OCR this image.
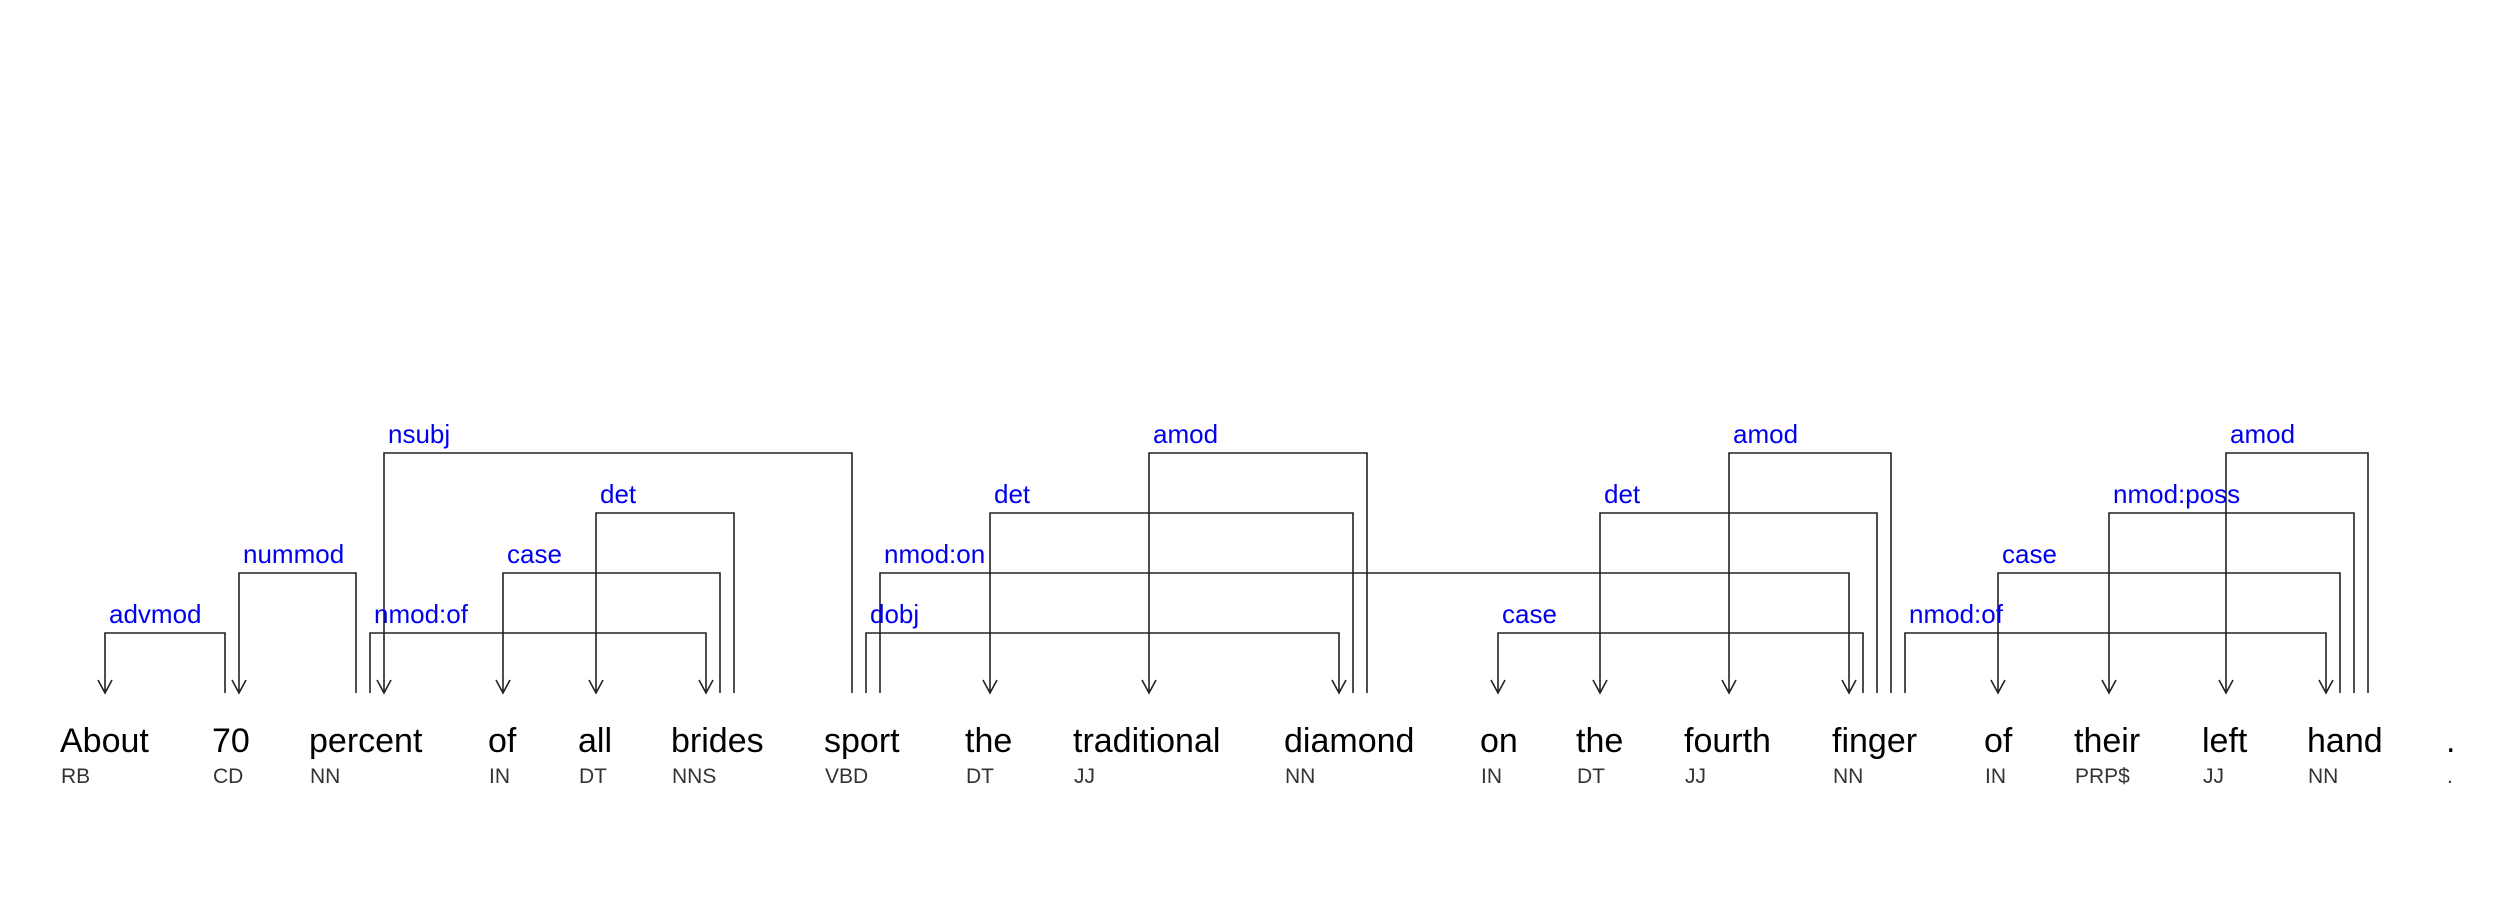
advmod
nummod
nsubj
nmod:of
case
det
dobj
nmod:on
det
amod
case
det
amod
nmod:of
case
nmod:poss
amod
About
RB
70
CD
percent
NN
of
IN
all
DT
brides
NNS
sport
VBD
the
DT
traditional
JJ
diamond
NN
on
IN
the
DT
fourth
JJ
finger
NN
of
IN
their
PRP$
left
JJ
hand
NN
.
.
